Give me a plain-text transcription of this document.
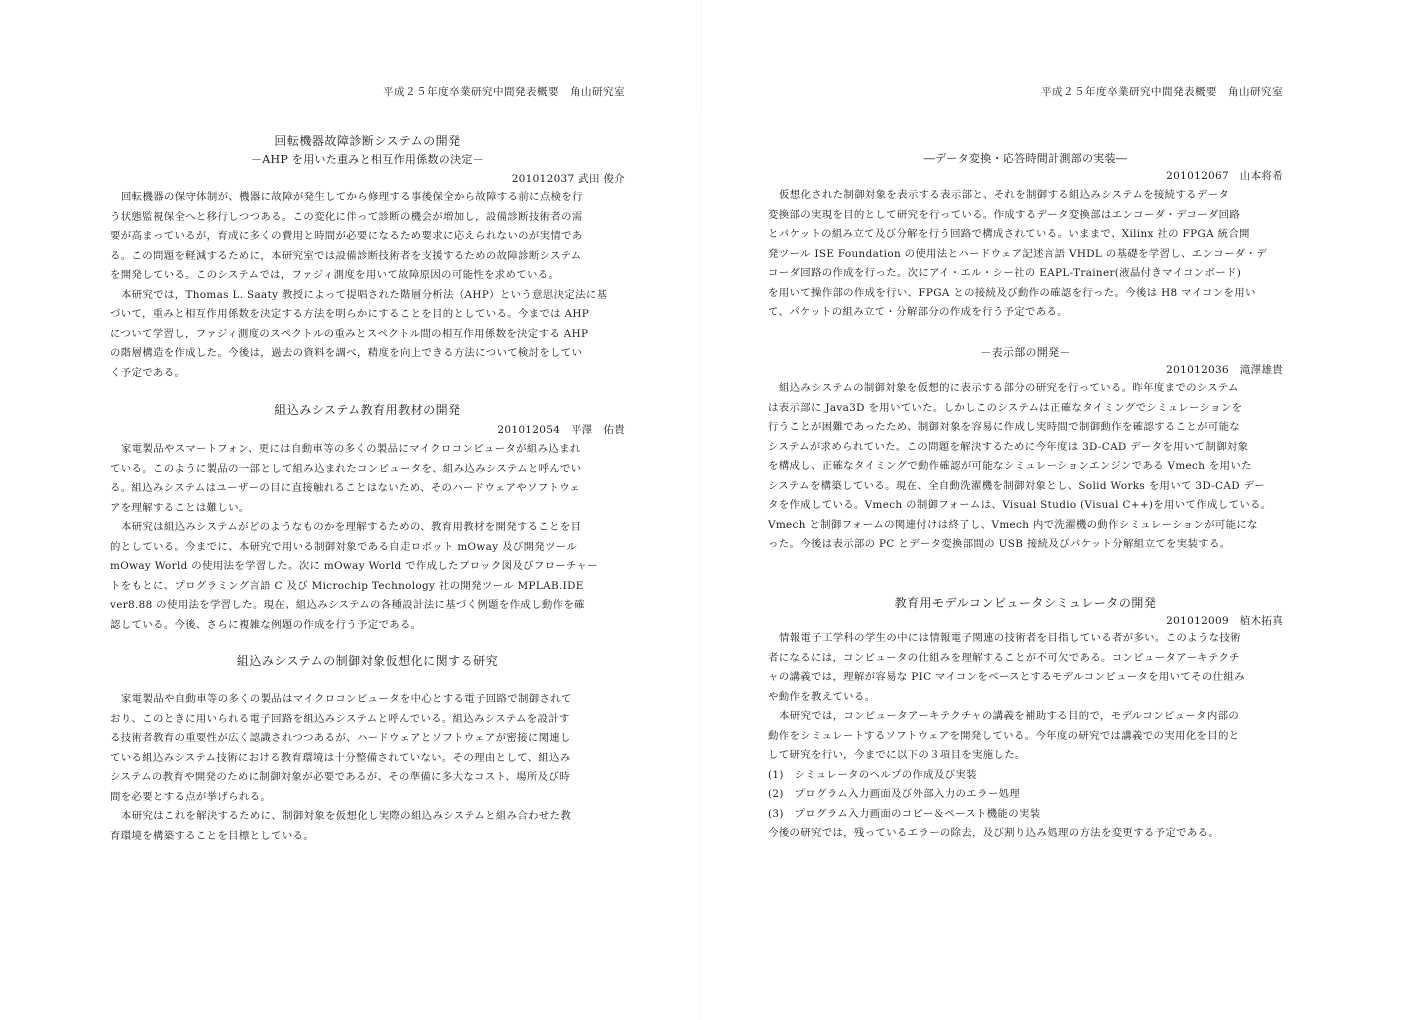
平成２５年度卒業研究中間発表概要　角山研究室
回転機器故障診断システムの開発
－AHP を用いた重みと相互作用係数の決定－
201012037 武田 俊介
回転機器の保守体制が、機器に故障が発生してから修理する事後保全から故障する前に点検を行
う状態監視保全へと移行しつつある。この変化に伴って診断の機会が増加し，設備診断技術者の需
要が高まっているが，育成に多くの費用と時間が必要になるため要求に応えられないのが実情であ
る。この問題を軽減するために，本研究室では設備診断技術者を支援するための故障診断システム
を開発している。このシステムでは，ファジィ測度を用いて故障原因の可能性を求めている。
本研究では，Thomas L. Saaty 教授によって提唱された階層分析法（AHP）という意思決定法に基
づいて，重みと相互作用係数を決定する方法を明らかにすることを目的としている。今までは AHP
について学習し，ファジィ測度のスペクトルの重みとスペクトル間の相互作用係数を決定する AHP
の階層構造を作成した。今後は，過去の資料を調べ，精度を向上できる方法について検討をしてい
く予定である。
組込みシステム教育用教材の開発
201012054　平澤　佑貴
家電製品やスマートフォン、更には自動車等の多くの製品にマイクロコンピュータが組み込まれ
ている。このように製品の一部として組み込まれたコンピュータを、組み込みシステムと呼んでい
る。組込みシステムはユーザーの目に直接触れることはないため、そのハードウェアやソフトウェ
アを理解することは難しい。
本研究は組込みシステムがどのようなものかを理解するための、教育用教材を開発することを目
的としている。今までに、本研究で用いる制御対象である自走ロボット mOway 及び開発ツール
mOway World の使用法を学習した。次に mOway World で作成したブロック図及びフローチャー
トをもとに、プログラミング言語 C 及び Microchip Technology 社の開発ツール MPLAB.IDE
ver8.88 の使用法を学習した。現在、組込みシステムの各種設計法に基づく例題を作成し動作を確
認している。今後、さらに複雑な例題の作成を行う予定である。
組込みシステムの制御対象仮想化に関する研究
家電製品や自動車等の多くの製品はマイクロコンピュータを中心とする電子回路で制御されて
おり、このときに用いられる電子回路を組込みシステムと呼んでいる。組込みシステムを設計す
る技術者教育の重要性が広く認識されつつあるが、ハードウェアとソフトウェアが密接に関連し
ている組込みシステム技術における教育環境は十分整備されていない。その理由として、組込み
システムの教育や開発のために制御対象が必要であるが、その準備に多大なコスト、場所及び時
間を必要とする点が挙げられる。
本研究はこれを解決するために、制御対象を仮想化し実際の組込みシステムと組み合わせた教
育環境を構築することを目標としている。
平成２５年度卒業研究中間発表概要　角山研究室
―データ変換・応答時間計測部の実装―
201012067　山本将希
仮想化された制御対象を表示する表示部と、それを制御する組込みシステムを接続するデータ
変換部の実現を目的として研究を行っている。作成するデータ変換部はエンコーダ・デコーダ回路
とパケットの組み立て及び分解を行う回路で構成されている。いままで、Xilinx 社の FPGA 統合開
発ツール ISE Foundation の使用法とハードウェア記述言語 VHDL の基礎を学習し、エンコーダ・デ
コーダ回路の作成を行った。次にアイ・エル・シー社の EAPL-Trainer(液晶付きマイコンボード)
を用いて操作部の作成を行い、FPGA との接続及び動作の確認を行った。今後は H8 マイコンを用い
て、パケットの組み立て・分解部分の作成を行う予定である。
－表示部の開発－
201012036　滝澤雄貴
組込みシステムの制御対象を仮想的に表示する部分の研究を行っている。昨年度までのシステム
は表示部に Java3D を用いていた。しかしこのシステムは正確なタイミングでシミュレーションを
行うことが困難であったため、制御対象を容易に作成し実時間で制御動作を確認することが可能な
システムが求められていた。この問題を解決するために今年度は 3D-CAD データを用いて制御対象
を構成し、正確なタイミングで動作確認が可能なシミュレーションエンジンである Vmech を用いた
システムを構築している。現在、全自動洗濯機を制御対象とし、Solid Works を用いて 3D-CAD デー
タを作成している。Vmech の制御フォームは、Visual Studio (Visual C++)を用いて作成している。
Vmech と制御フォームの関連付けは終了し、Vmech 内で洗濯機の動作シミュレーションが可能にな
った。今後は表示部の PC とデータ変換部間の USB 接続及びパケット分解組立てを実装する。
教育用モデルコンピュータシミュレータの開発
201012009　植木拓真
情報電子工学科の学生の中には情報電子関連の技術者を目指している者が多い。このような技術
者になるには，コンピュータの仕組みを理解することが不可欠である。コンピュータアーキテクチ
ャの講義では，理解が容易な PIC マイコンをベースとするモデルコンピュータを用いてその仕組み
や動作を教えている。
本研究では，コンピュータアーキテクチャの講義を補助する目的で，モデルコンピュータ内部の
動作をシミュレートするソフトウェアを開発している。今年度の研究では講義での実用化を目的と
して研究を行い，今までに以下の３項目を実施した。
(1)　シミュレータのヘルプの作成及び実装
(2)　プログラム入力画面及び外部入力のエラー処理
(3)　プログラム入力画面のコピー＆ペースト機能の実装
今後の研究では，残っているエラーの除去，及び割り込み処理の方法を変更する予定である。
